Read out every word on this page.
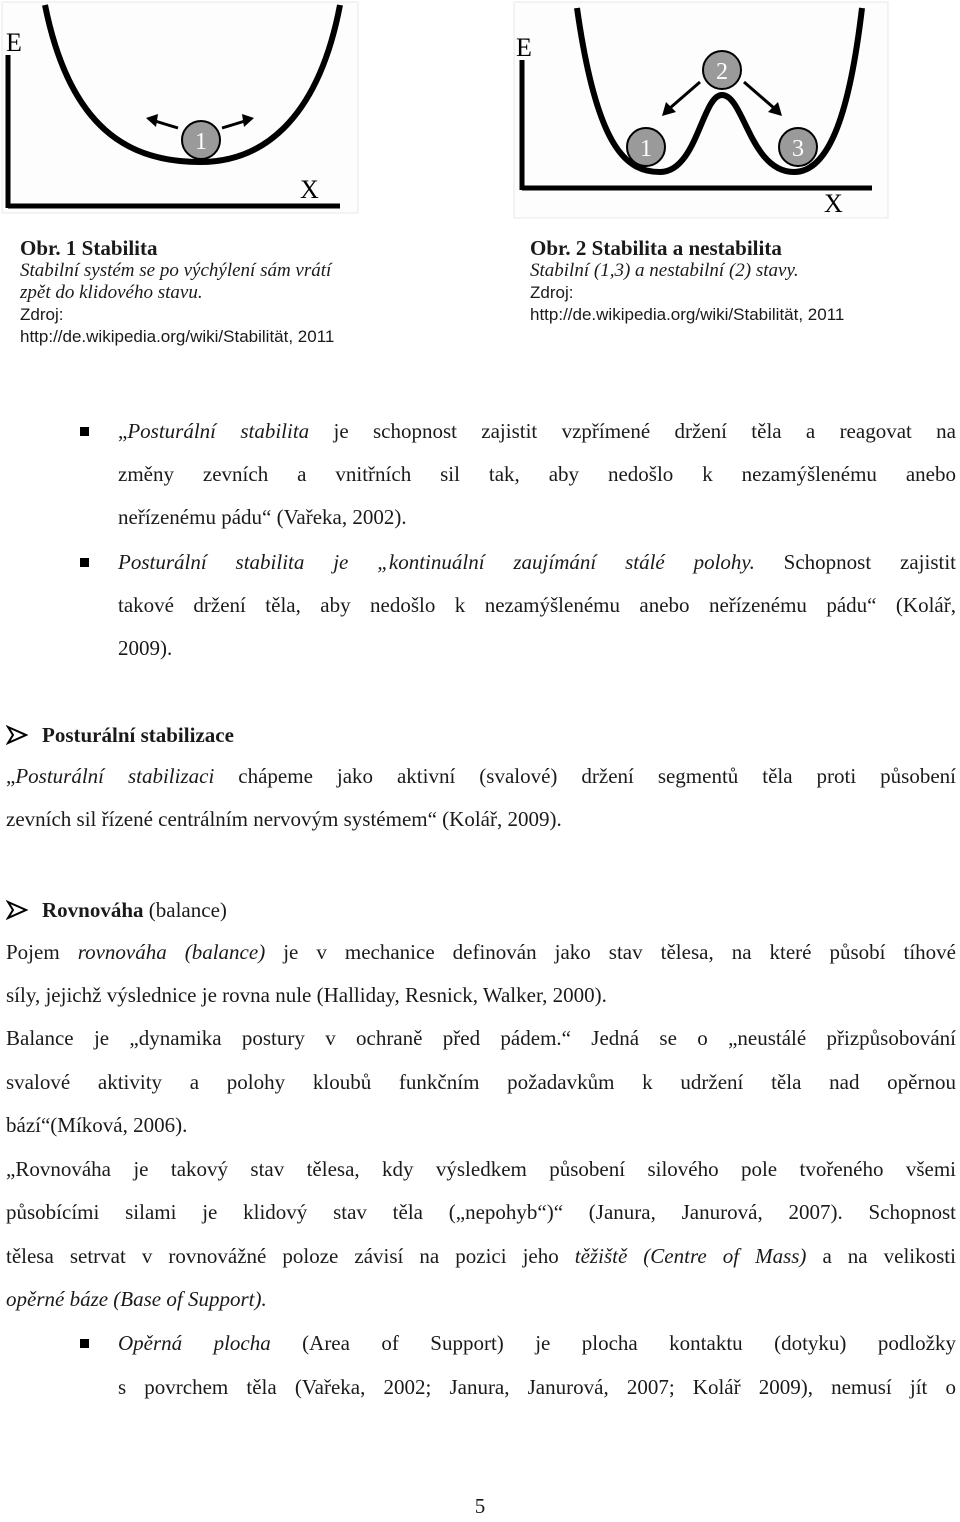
1
E
X
Obr. 1 Stabilita
Stabilní systém se po výchýlení sám vrátí
zpět do klidového stavu.
Zdroj:
http://de.wikipedia.org/wiki/Stabilität, 2011
2
1	3
E
X
Obr. 2 Stabilita a nestabilita
Stabilní (1,3) a nestabilní (2) stavy.
Zdroj:
http://de.wikipedia.org/wiki/Stabilität, 2011
„Posturální stabilita je schopnost zajistit vzpřímené držení těla a reagovat na
změny zevních a vnitřních sil tak, aby nedošlo k nezamýšlenému anebo
neřízenému pádu“ (Vařeka, 2002).
Posturální stabilita je „kontinuální zaujímání stálé polohy. Schopnost zajistit
takové držení těla, aby nedošlo k nezamýšlenému anebo neřízenému pádu“ (Kolář,
2009).
Posturální stabilizace
„Posturální stabilizaci chápeme jako aktivní (svalové) držení segmentů těla proti působení
zevních sil řízené centrálním nervovým systémem“ (Kolář, 2009).
Rovnováha (balance)
Pojem rovnováha (balance) je v mechanice definován jako stav tělesa, na které působí tíhové
síly, jejichž výslednice je rovna nule (Halliday, Resnick, Walker, 2000).
Balance je „dynamika postury v ochraně před pádem.“ Jedná se o „neustálé přizpůsobování
svalové aktivity a polohy kloubů funkčním požadavkům k udržení těla nad opěrnou
bází“(Míková, 2006).
„Rovnováha je takový stav tělesa, kdy výsledkem působení silového pole tvořeného všemi
působícími silami je klidový stav těla („nepohyb“)“ (Janura, Janurová, 2007). Schopnost
tělesa setrvat v rovnovážné poloze závisí na pozici jeho těžiště (Centre of Mass) a na velikosti
opěrné báze (Base of Support).
Opěrná plocha (Area of Support) je plocha kontaktu (dotyku) podložky
s povrchem těla (Vařeka, 2002; Janura, Janurová, 2007; Kolář 2009), nemusí jít o
5
